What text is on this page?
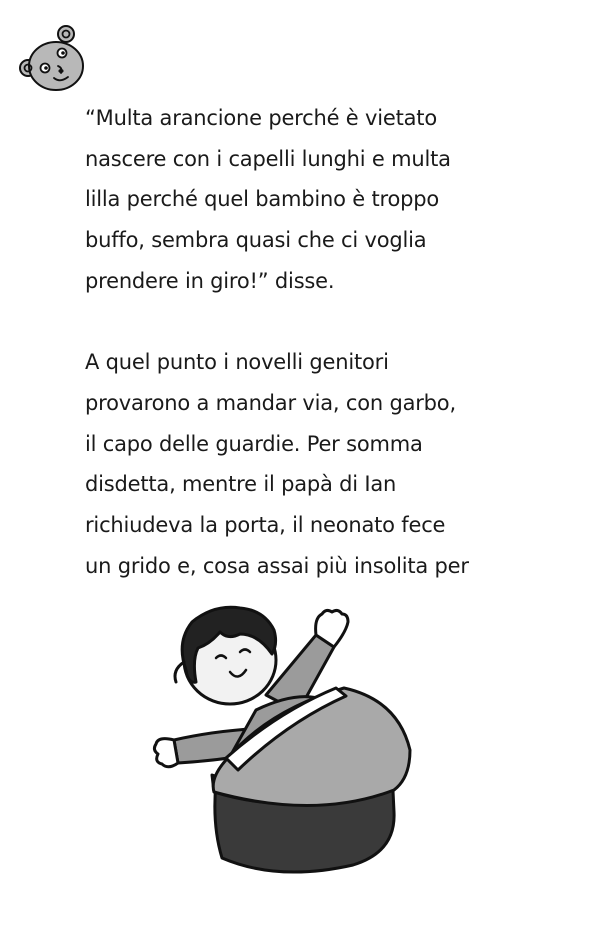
“Multa arancione perché è vietato
nascere con i capelli lunghi e multa
lilla perché quel bambino è troppo
buffo, sembra quasi che ci voglia
prendere in giro!” disse.

A quel punto i novelli genitori
provarono a mandar via, con garbo,
il capo delle guardie. Per somma
disdetta, mentre il papà di Ian
richiudeva la porta, il neonato fece
un grido e, cosa assai più insolita per
